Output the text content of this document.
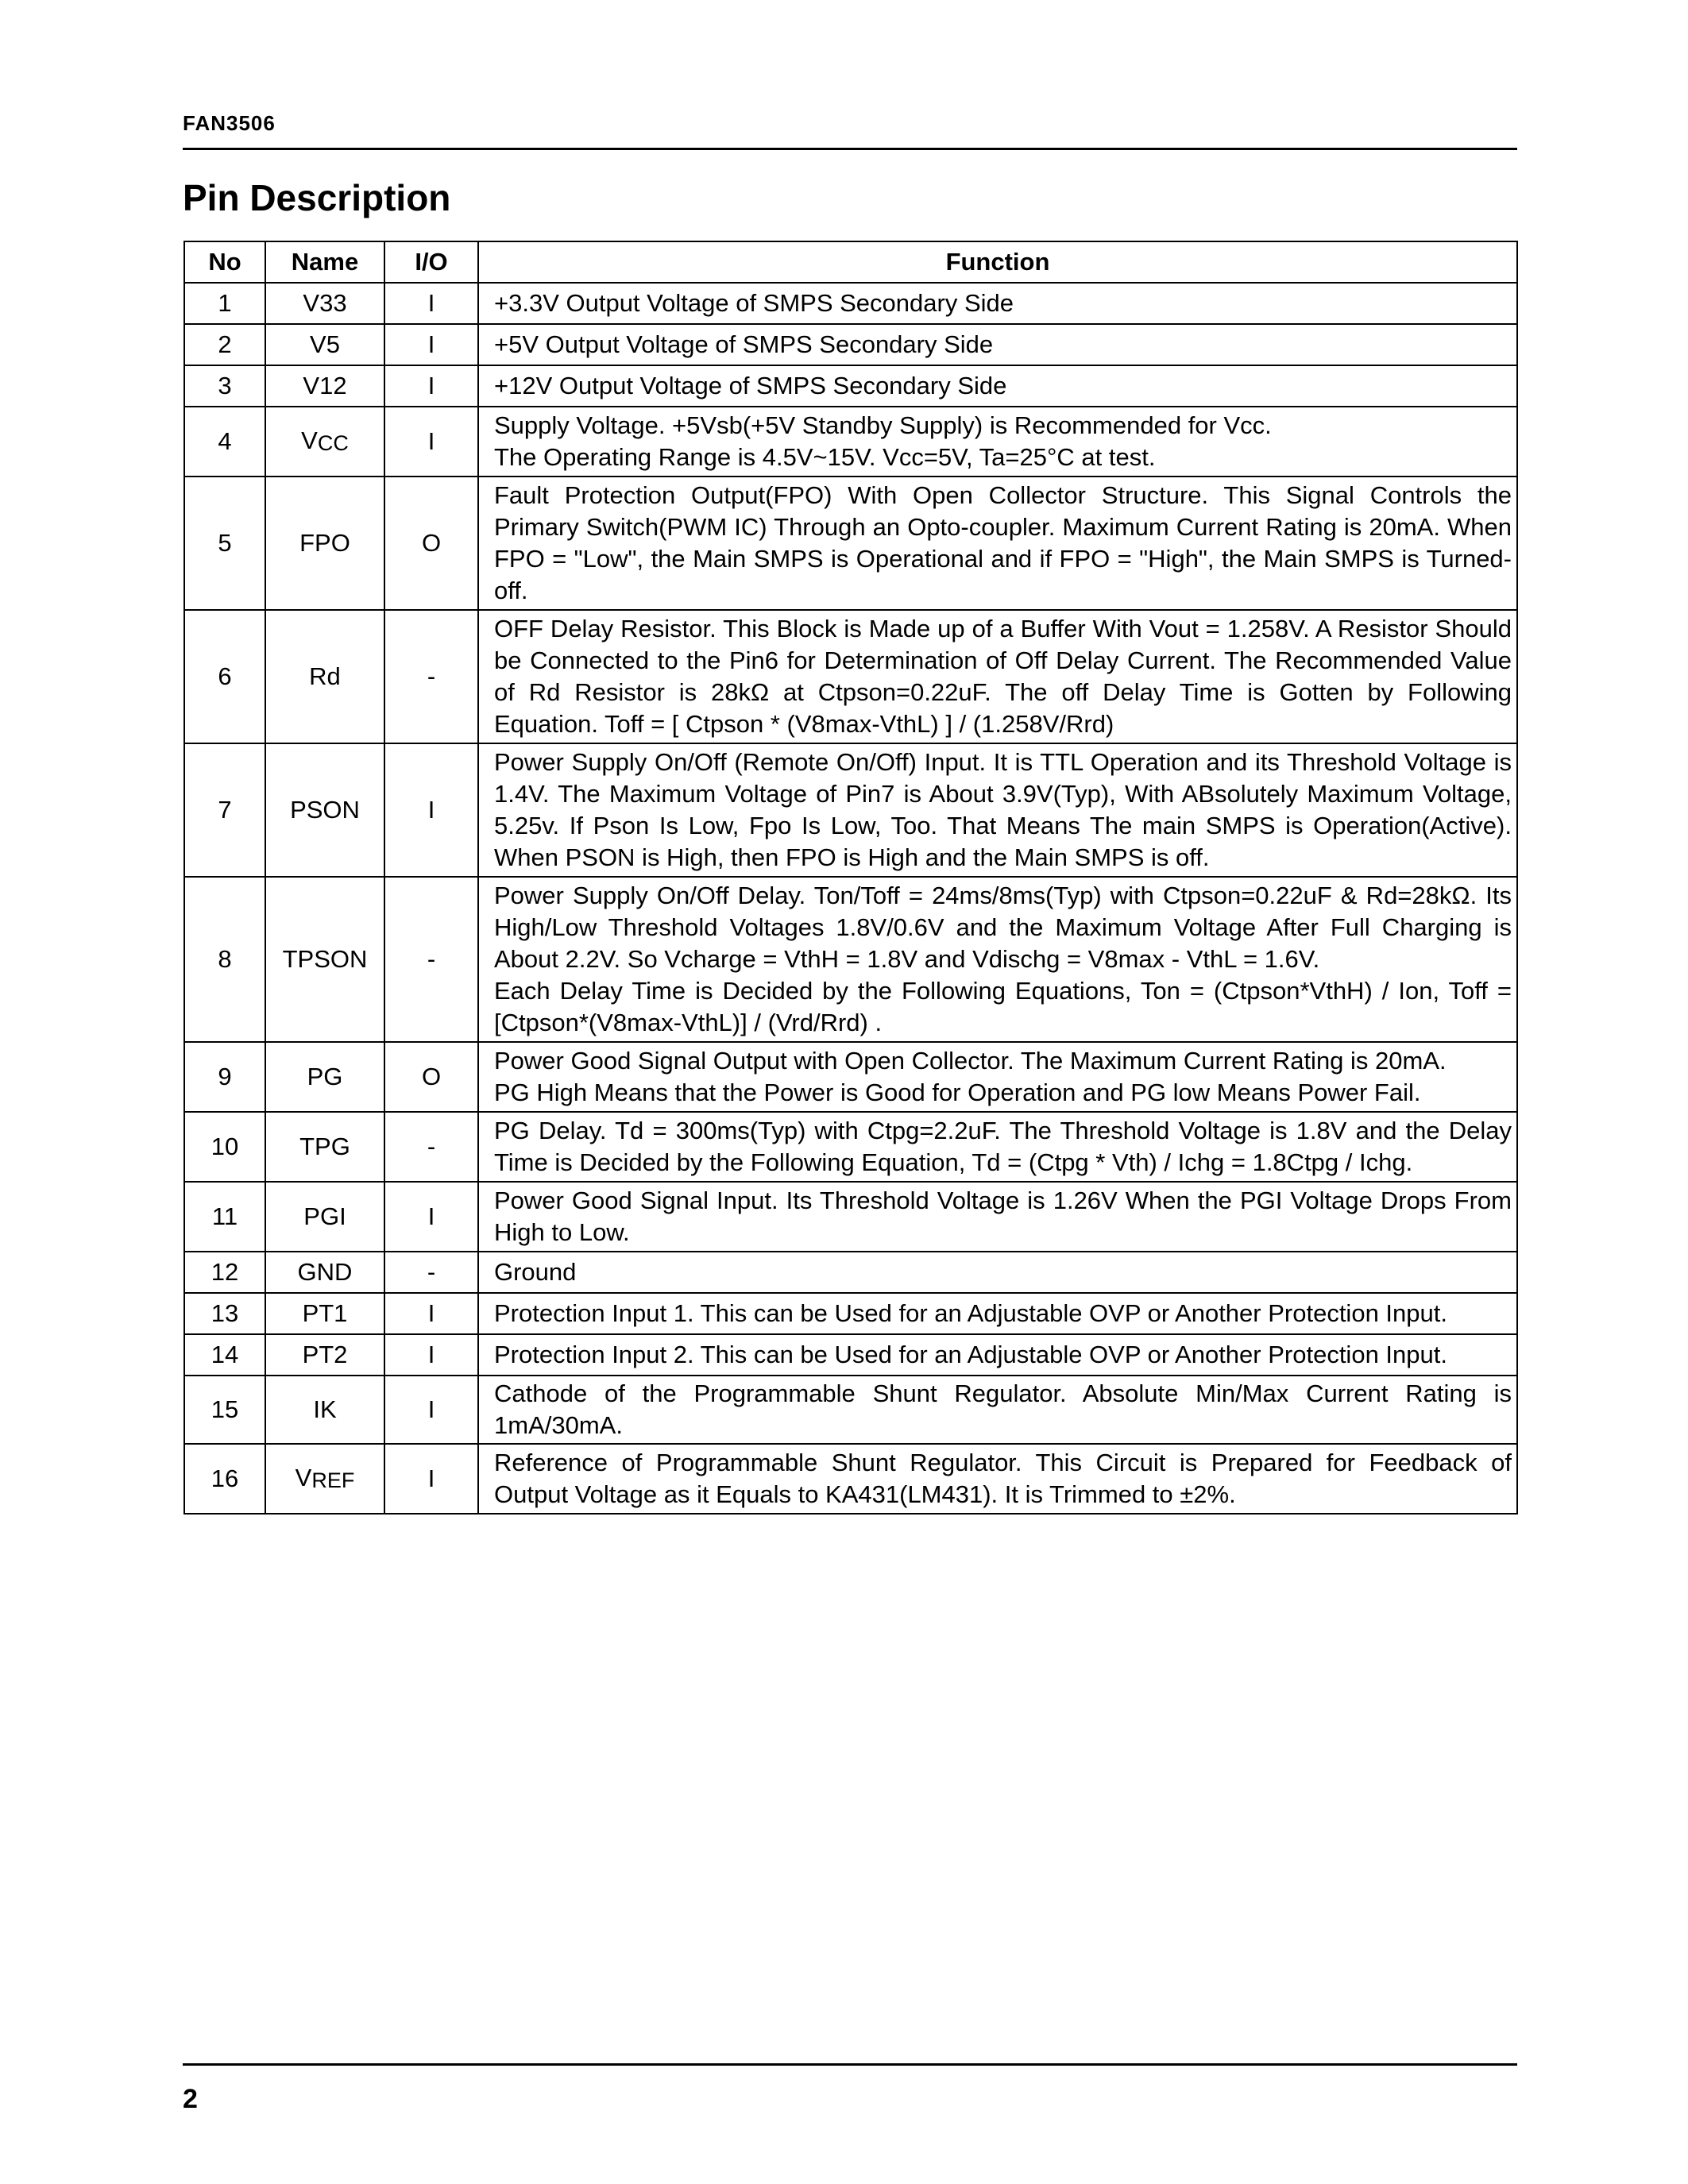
FAN3506
Pin Description
No	Name	I/O	Function
1	V33	I	+3.3V Output Voltage of SMPS Secondary Side

2	V5	I	+5V Output Voltage of SMPS Secondary Side

3	V12	I	+12V Output Voltage of SMPS Secondary Side

4	VCC	I	Supply Voltage. +5Vsb(+5V Standby Supply) is Recommended for Vcc.
The Operating Range is 4.5V~15V. Vcc=5V, Ta=25°C at test.

5	FPO	O	Fault Protection Output(FPO) With Open Collector Structure. This Signal Controls the Primary Switch(PWM IC) Through an Opto-coupler. Maximum Current Rating is 20mA. When FPO = "Low", the Main SMPS is Operational and if FPO = "High", the Main SMPS is Turned-off.

6	Rd	-	OFF Delay Resistor. This Block is Made up of a Buffer With Vout = 1.258V. A Resistor Should be Connected to the Pin6 for Determination of Off Delay Current. The Recommended Value of Rd Resistor is 28kΩ at Ctpson=0.22uF. The off Delay Time is Gotten by Following Equation. Toff = [ Ctpson * (V8max-VthL) ] / (1.258V/Rrd)

7	PSON	I	Power Supply On/Off (Remote On/Off) Input. It is TTL Operation and its Threshold Voltage is 1.4V. The Maximum Voltage of Pin7 is About 3.9V(Typ), With ABsolutely Maximum Voltage, 5.25v. If Pson Is Low, Fpo Is Low, Too. That Means The main SMPS is Operation(Active). When PSON is High, then FPO is High and the Main SMPS is off.

8	TPSON	-	Power Supply On/Off Delay. Ton/Toff = 24ms/8ms(Typ) with Ctpson=0.22uF & Rd=28kΩ. Its High/Low Threshold Voltages 1.8V/0.6V and the Maximum Voltage After Full Charging is About 2.2V. So Vcharge = VthH = 1.8V and Vdischg = V8max - VthL = 1.6V.
Each Delay Time is Decided by the Following Equations, Ton = (Ctpson*VthH) / Ion, Toff = [Ctpson*(V8max-VthL)] / (Vrd/Rrd) .

9	PG	O	Power Good Signal Output with Open Collector. The Maximum Current Rating is 20mA.
PG High Means that the Power is Good for Operation and PG low Means Power Fail.

10	TPG	-	PG Delay. Td = 300ms(Typ) with Ctpg=2.2uF. The Threshold Voltage is 1.8V and the Delay Time is Decided by the Following Equation, Td = (Ctpg * Vth) / Ichg = 1.8Ctpg / Ichg.

11	PGI	I	Power Good Signal Input. Its Threshold Voltage is 1.26V When the PGI Voltage Drops From High to Low.

12	GND	-	Ground

13	PT1	I	Protection Input 1. This can be Used for an Adjustable OVP or Another Protection Input.

14	PT2	I	Protection Input 2. This can be Used for an Adjustable OVP or Another Protection Input.

15	IK	I	Cathode of the Programmable Shunt Regulator. Absolute Min/Max Current Rating is 1mA/30mA.

16	VREF	I	Reference of Programmable Shunt Regulator. This Circuit is Prepared for Feedback of Output Voltage as it Equals to KA431(LM431). It is Trimmed to ±2%.
2
